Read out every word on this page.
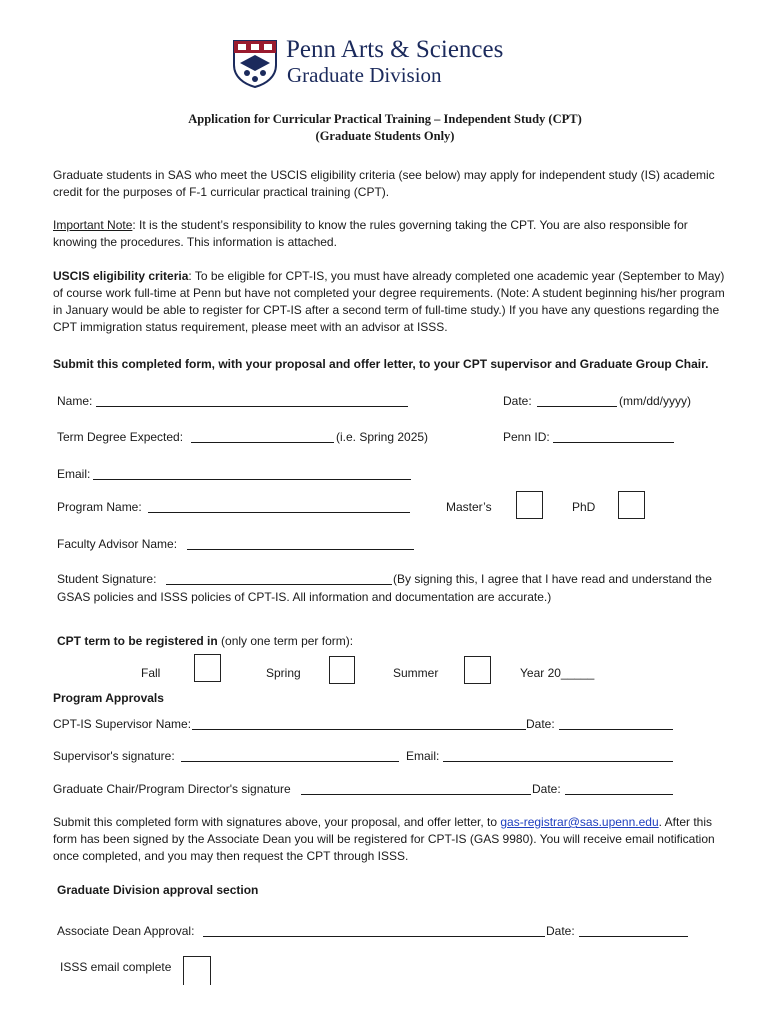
Penn Arts & Sciences
Graduate Division
Application for Curricular Practical Training – Independent Study (CPT)
(Graduate Students Only)
Graduate students in SAS who meet the USCIS eligibility criteria (see below) may apply for independent study (IS) academic credit for the purposes of F-1 curricular practical training (CPT).
Important Note: It is the student’s responsibility to know the rules governing taking the CPT. You are also responsible for knowing the procedures. This information is attached.
USCIS eligibility criteria: To be eligible for CPT-IS, you must have already completed one academic year (September to May) of course work full-time at Penn but have not completed your degree requirements. (Note: A student beginning his/her program in January would be able to register for CPT-IS after a second term of full-time study.) If you have any questions regarding the CPT immigration status requirement, please meet with an advisor at ISSS.
Submit this completed form, with your proposal and offer letter, to your CPT supervisor and Graduate Group Chair.
Name:	Date:	(mm/dd/yyyy)
Term Degree Expected:	(i.e. Spring 2025)	Penn ID:
Email:
Program Name:	Master’s	PhD
Faculty Advisor Name:
Student Signature:	(By signing this, I agree that I have read and understand the
GSAS policies and ISSS policies of CPT-IS. All information and documentation are accurate.)
CPT term to be registered in (only one term per form):
Fall	Spring	Summer	Year 20_____
Program Approvals
CPT-IS Supervisor Name:	Date:
Supervisor's signature:	Email:
Graduate Chair/Program Director's signature	Date:
Submit this completed form with signatures above, your proposal, and offer letter, to gas-registrar@sas.upenn.edu. After this form has been signed by the Associate Dean you will be registered for CPT-IS (GAS 9980). You will receive email notification once completed, and you may then request the CPT through ISSS.
Graduate Division approval section
Associate Dean Approval:	Date:
ISSS email complete
